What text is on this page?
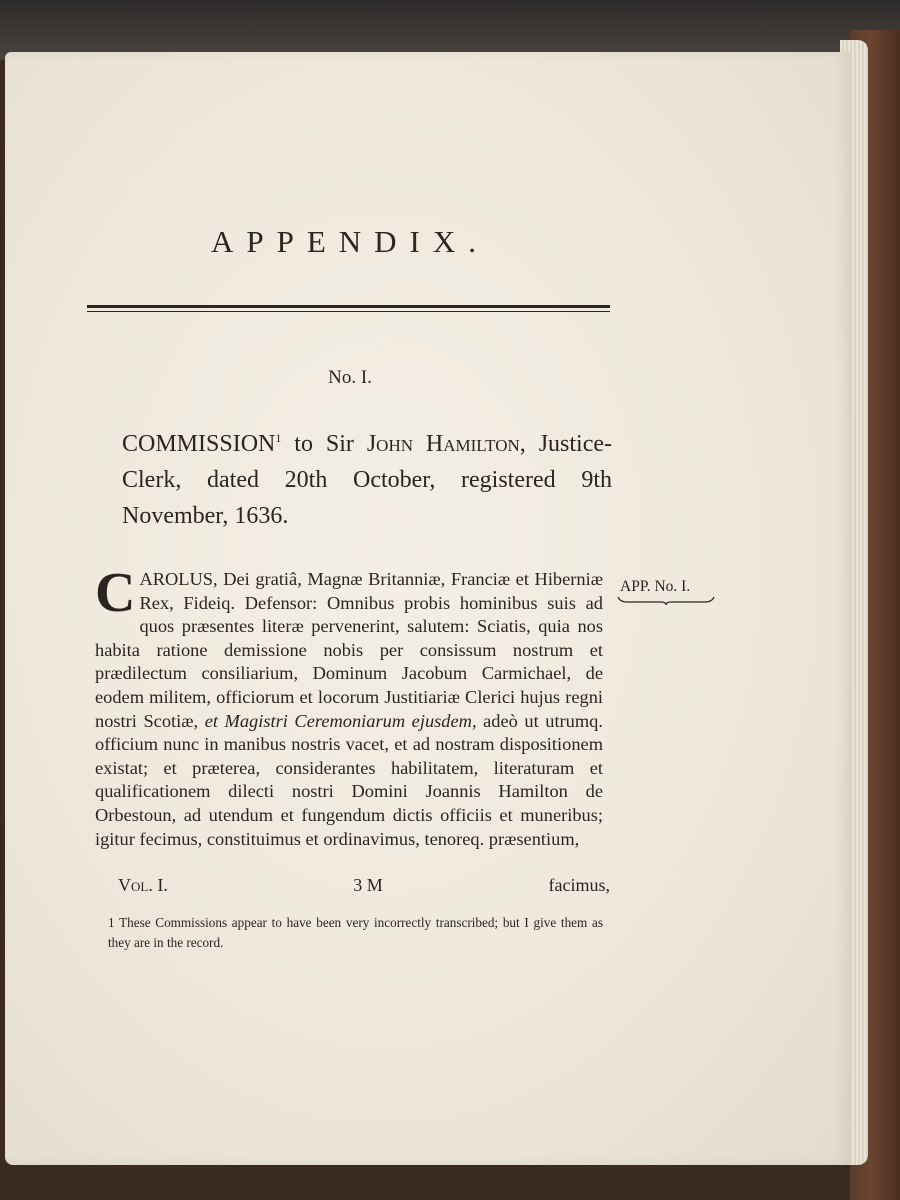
APPENDIX.
No. I.
COMMISSION$^1$ to Sir John Hamilton, Justice-Clerk, dated 20th October, registered 9th November, 1636.
APP. No. I.
CAROLUS, Dei gratiâ, Magnæ Britanniæ, Franciæ et Hiberniæ Rex, Fideiq. Defensor: Omnibus probis hominibus suis ad quos præsentes literæ pervenerint, salutem: Sciatis, quia nos habita ratione demissione nobis per consissum nostrum et prædilectum consiliarium, Dominum Jacobum Carmichael, de eodem militem, officiorum et locorum Justitiariæ Clerici hujus regni nostri Scotiæ, et Magistri Ceremoniarum ejusdem, adeò ut utrumq. officium nunc in manibus nostris vacet, et ad nostram dispositionem existat; et præterea, considerantes habilitatem, literaturam et qualificationem dilecti nostri Domini Joannis Hamilton de Orbestoun, ad utendum et fungendum dictis officiis et muneribus; igitur fecimus, constituimus et ordinavimus, tenoreq. præsentium,
Vol. I.	3 M	facimus,
1 These Commissions appear to have been very incorrectly transcribed; but I give them as they are in the record.
